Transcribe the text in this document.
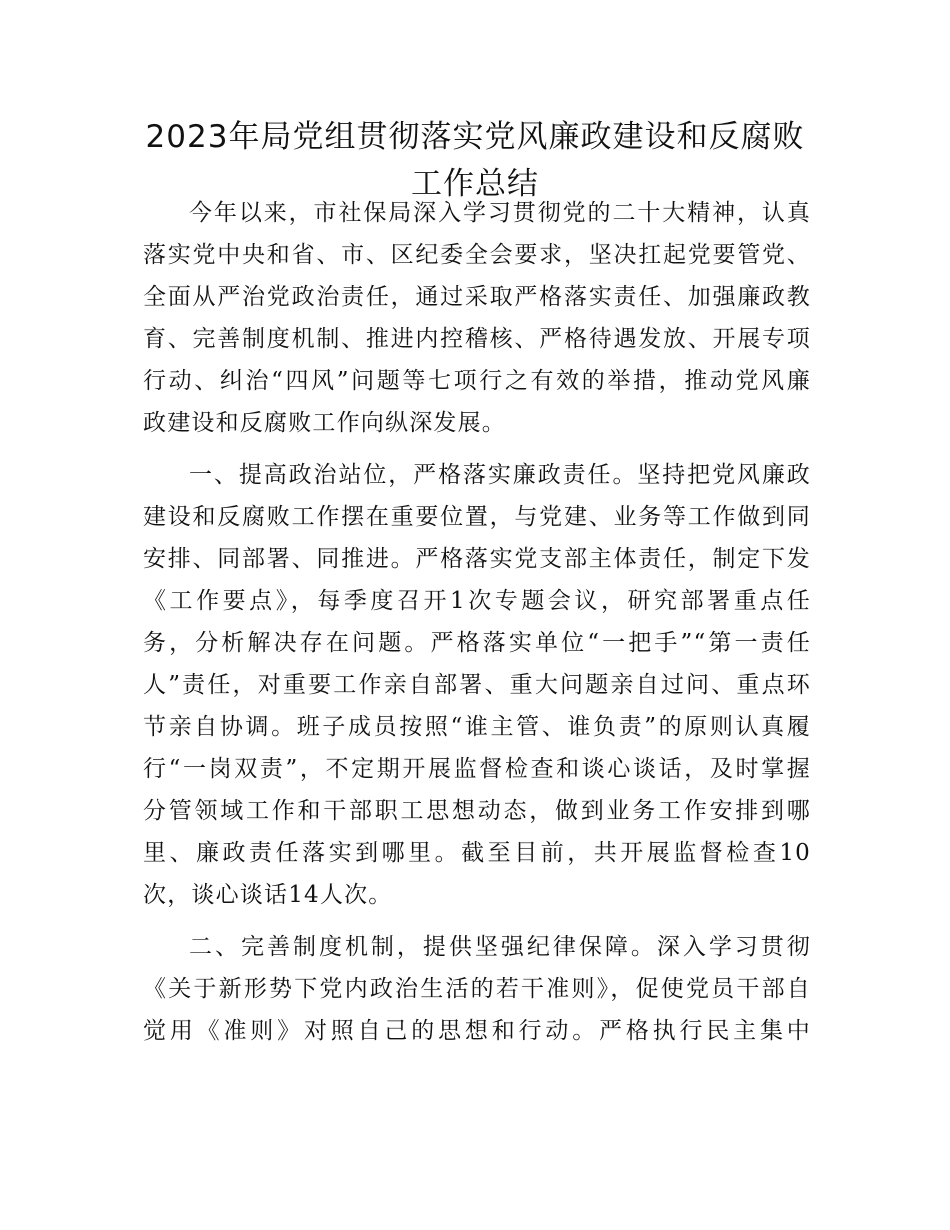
2023年局党组贯彻落实党风廉政建设和反腐败
工作总结
今年以来，市社保局深入学习贯彻党的二十大精神，认真
落实党中央和省、市、区纪委全会要求，坚决扛起党要管党、
全面从严治党政治责任，通过采取严格落实责任、加强廉政教
育、完善制度机制、推进内控稽核、严格待遇发放、开展专项
行动、纠治“四风”问题等七项行之有效的举措，推动党风廉
政建设和反腐败工作向纵深发展。
一、提高政治站位，严格落实廉政责任。坚持把党风廉政
建设和反腐败工作摆在重要位置，与党建、业务等工作做到同
安排、同部署、同推进。严格落实党支部主体责任，制定下发
《工作要点》，每季度召开1次专题会议，研究部署重点任
务，分析解决存在问题。严格落实单位“一把手”“第一责任
人”责任，对重要工作亲自部署、重大问题亲自过问、重点环
节亲自协调。班子成员按照“谁主管、谁负责”的原则认真履
行“一岗双责”，不定期开展监督检查和谈心谈话，及时掌握
分管领域工作和干部职工思想动态，做到业务工作安排到哪
里、廉政责任落实到哪里。截至目前，共开展监督检查10
次，谈心谈话14人次。
二、完善制度机制，提供坚强纪律保障。深入学习贯彻
《关于新形势下党内政治生活的若干准则》，促使党员干部自
觉用《准则》对照自己的思想和行动。严格执行民主集中
